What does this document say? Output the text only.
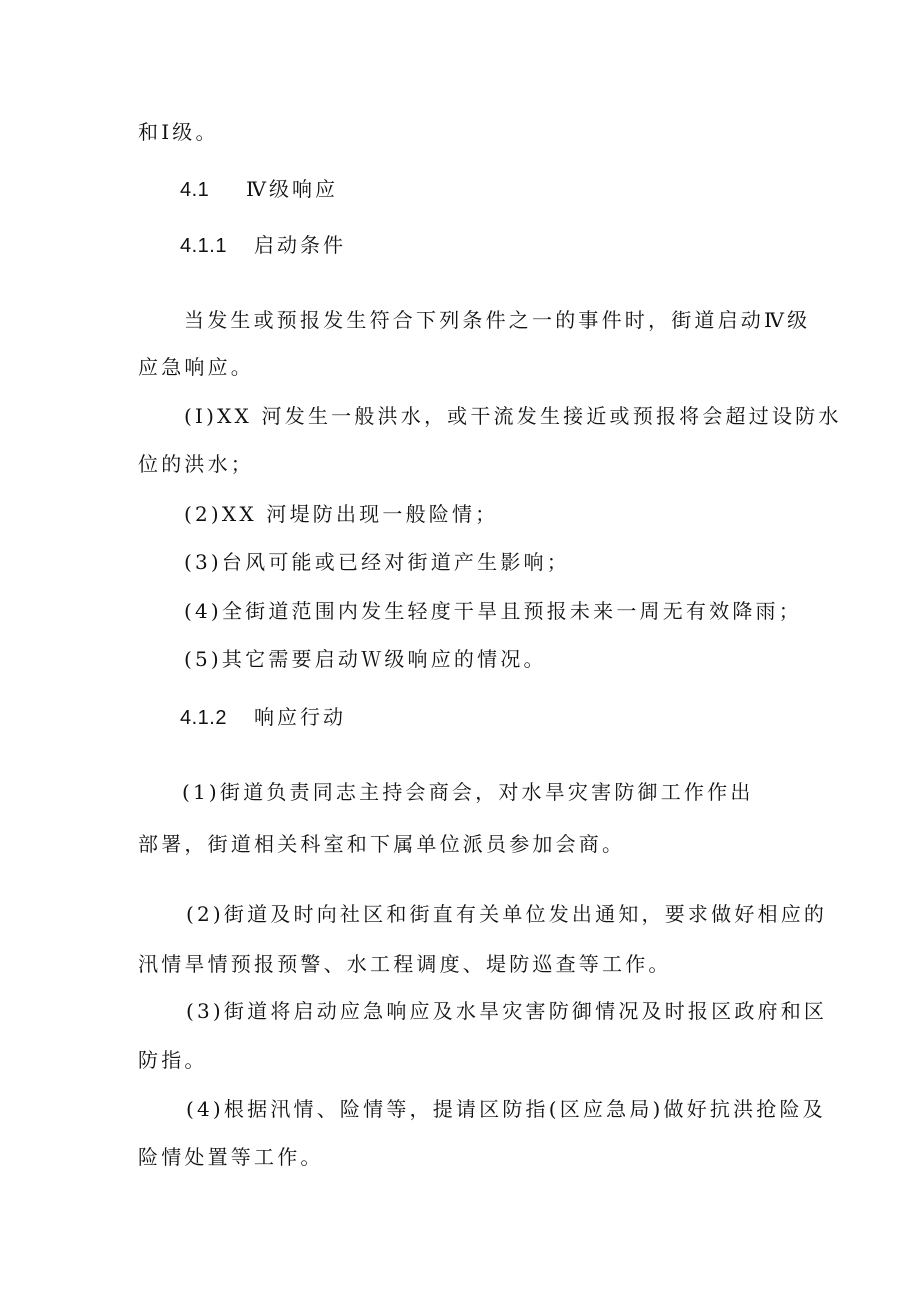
和Ⅰ级。
4.1 Ⅳ级响应
4.1.1 启动条件
当发生或预报发生符合下列条件之一的事件时，街道启动Ⅳ级
应急响应。
(Ⅰ)XX 河发生一般洪水，或干流发生接近或预报将会超过设防水
位的洪水；
(2)XX 河堤防出现一般险情；
(3)台风可能或已经对街道产生影响；
(4)全街道范围内发生轻度干旱且预报未来一周无有效降雨；
(5)其它需要启动Ｗ级响应的情况。
4.1.2 响应行动
(1)街道负责同志主持会商会，对水旱灾害防御工作作出
部署，街道相关科室和下属单位派员参加会商。
(2)街道及时向社区和街直有关单位发出通知，要求做好相应的
汛情旱情预报预警、水工程调度、堤防巡查等工作。
(3)街道将启动应急响应及水旱灾害防御情况及时报区政府和区
防指。
(4)根据汛情、险情等，提请区防指(区应急局)做好抗洪抢险及
险情处置等工作。
